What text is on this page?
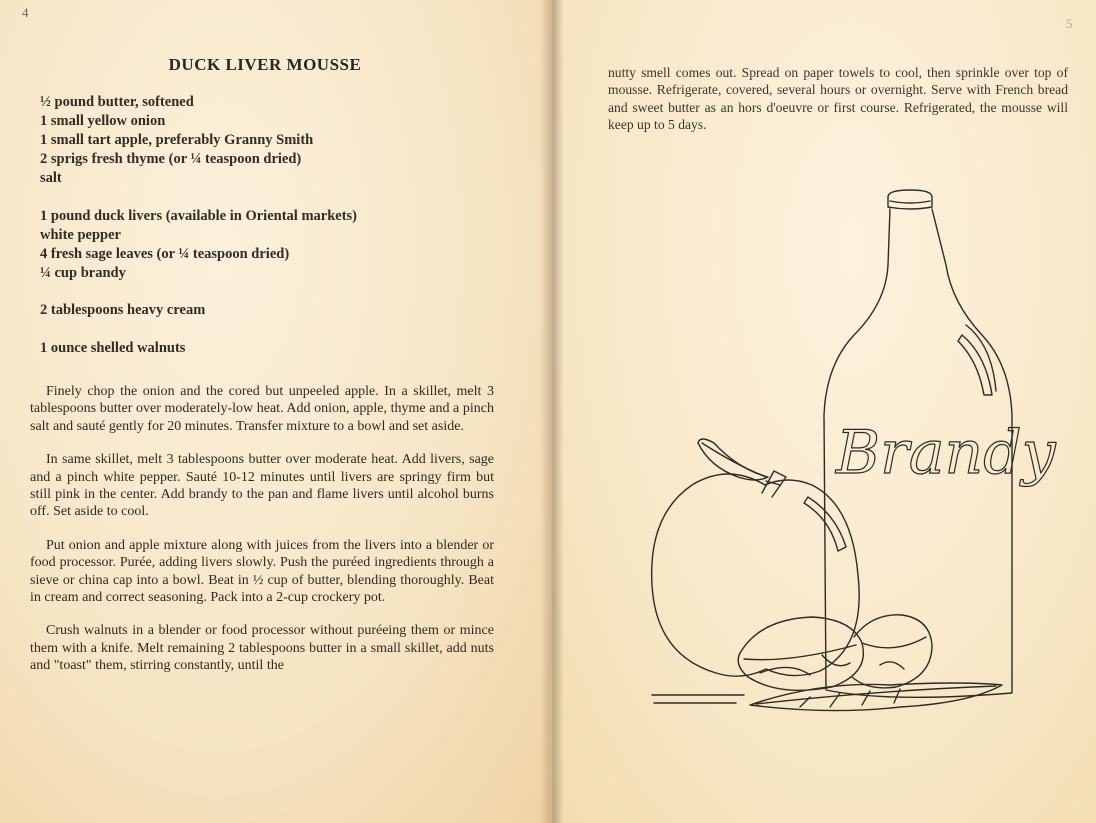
4
DUCK LIVER MOUSSE
½ pound butter, softened
1 small yellow onion
1 small tart apple, preferably Granny Smith
2 sprigs fresh thyme (or ¼ teaspoon dried)
salt
1 pound duck livers (available in Oriental markets)
white pepper
4 fresh sage leaves (or ¼ teaspoon dried)
¼ cup brandy
2 tablespoons heavy cream
1 ounce shelled walnuts

Finely chop the onion and the cored but unpeeled apple. In a skillet, melt 3 tablespoons butter over moderately-low heat. Add onion, apple, thyme and a pinch salt and sauté gently for 20 minutes. Transfer mixture to a bowl and set aside.

In same skillet, melt 3 tablespoons butter over moderate heat. Add livers, sage and a pinch white pepper. Sauté 10-12 minutes until livers are springy firm but still pink in the center. Add brandy to the pan and flame livers until alcohol burns off. Set aside to cool.

Put onion and apple mixture along with juices from the livers into a blender or food processor. Purée, adding livers slowly. Push the puréed ingredients through a sieve or china cap into a bowl. Beat in ½ cup of butter, blending thoroughly. Beat in cream and correct seasoning. Pack into a 2-cup crockery pot.

Crush walnuts in a blender or food processor without puréeing them or mince them with a knife. Melt remaining 2 tablespoons butter in a small skillet, add nuts and "toast" them, stirring constantly, until the

5
nutty smell comes out. Spread on paper towels to cool, then sprinkle over top of mousse. Refrigerate, covered, several hours or overnight. Serve with French bread and sweet butter as an hors d'oeuvre or first course. Refrigerated, the mousse will keep up to 5 days.
Brandy
